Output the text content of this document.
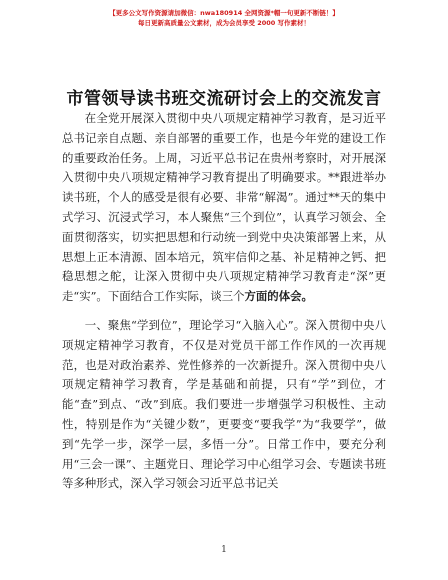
【更多公文写作资源请加微信：nwa180914 全网资源*帽一句更新不断链！】
每日更新高质量公文素材，成为会员享受 2000 写作素材！
市管领导读书班交流研讨会上的交流发言

在全党开展深入贯彻中央八项规定精神学习教育，是习近平总书记亲自点题、亲自部署的重要工作，也是今年党的建设工作的重要政治任务。上周，习近平总书记在贵州考察时，对开展深入贯彻中央八项规定精神学习教育提出了明确要求。**跟进举办读书班，个人的感受是很有必要、非常“解渴”。通过**天的集中式学习、沉浸式学习，本人聚焦“三个到位”，认真学习领会、全面贯彻落实，切实把思想和行动统一到党中央决策部署上来，从思想上正本清源、固本培元，筑牢信仰之基、补足精神之钙、把稳思想之舵，让深入贯彻中央八项规定精神学习教育走“深”更走“实”。下面结合工作实际，谈三个方面的体会。

一、聚焦“学到位”，理论学习“入脑入心”。深入贯彻中央八项规定精神学习教育，不仅是对党员干部工作作风的一次再规范，也是对政治素养、党性修养的一次新提升。深入贯彻中央八项规定精神学习教育，学是基础和前提，只有“学”到位，才能“查”到点、“改”到底。我们要进一步增强学习积极性、主动性，特别是作为“关键少数”，更要变“要我学”为“我要学”，做到“先学一步，深学一层，多悟一分”。日常工作中，要充分利用“三会一课”、主题党日、理论学习中心组学习会、专题读书班等多种形式，深入学习领会习近平总书记关

1
